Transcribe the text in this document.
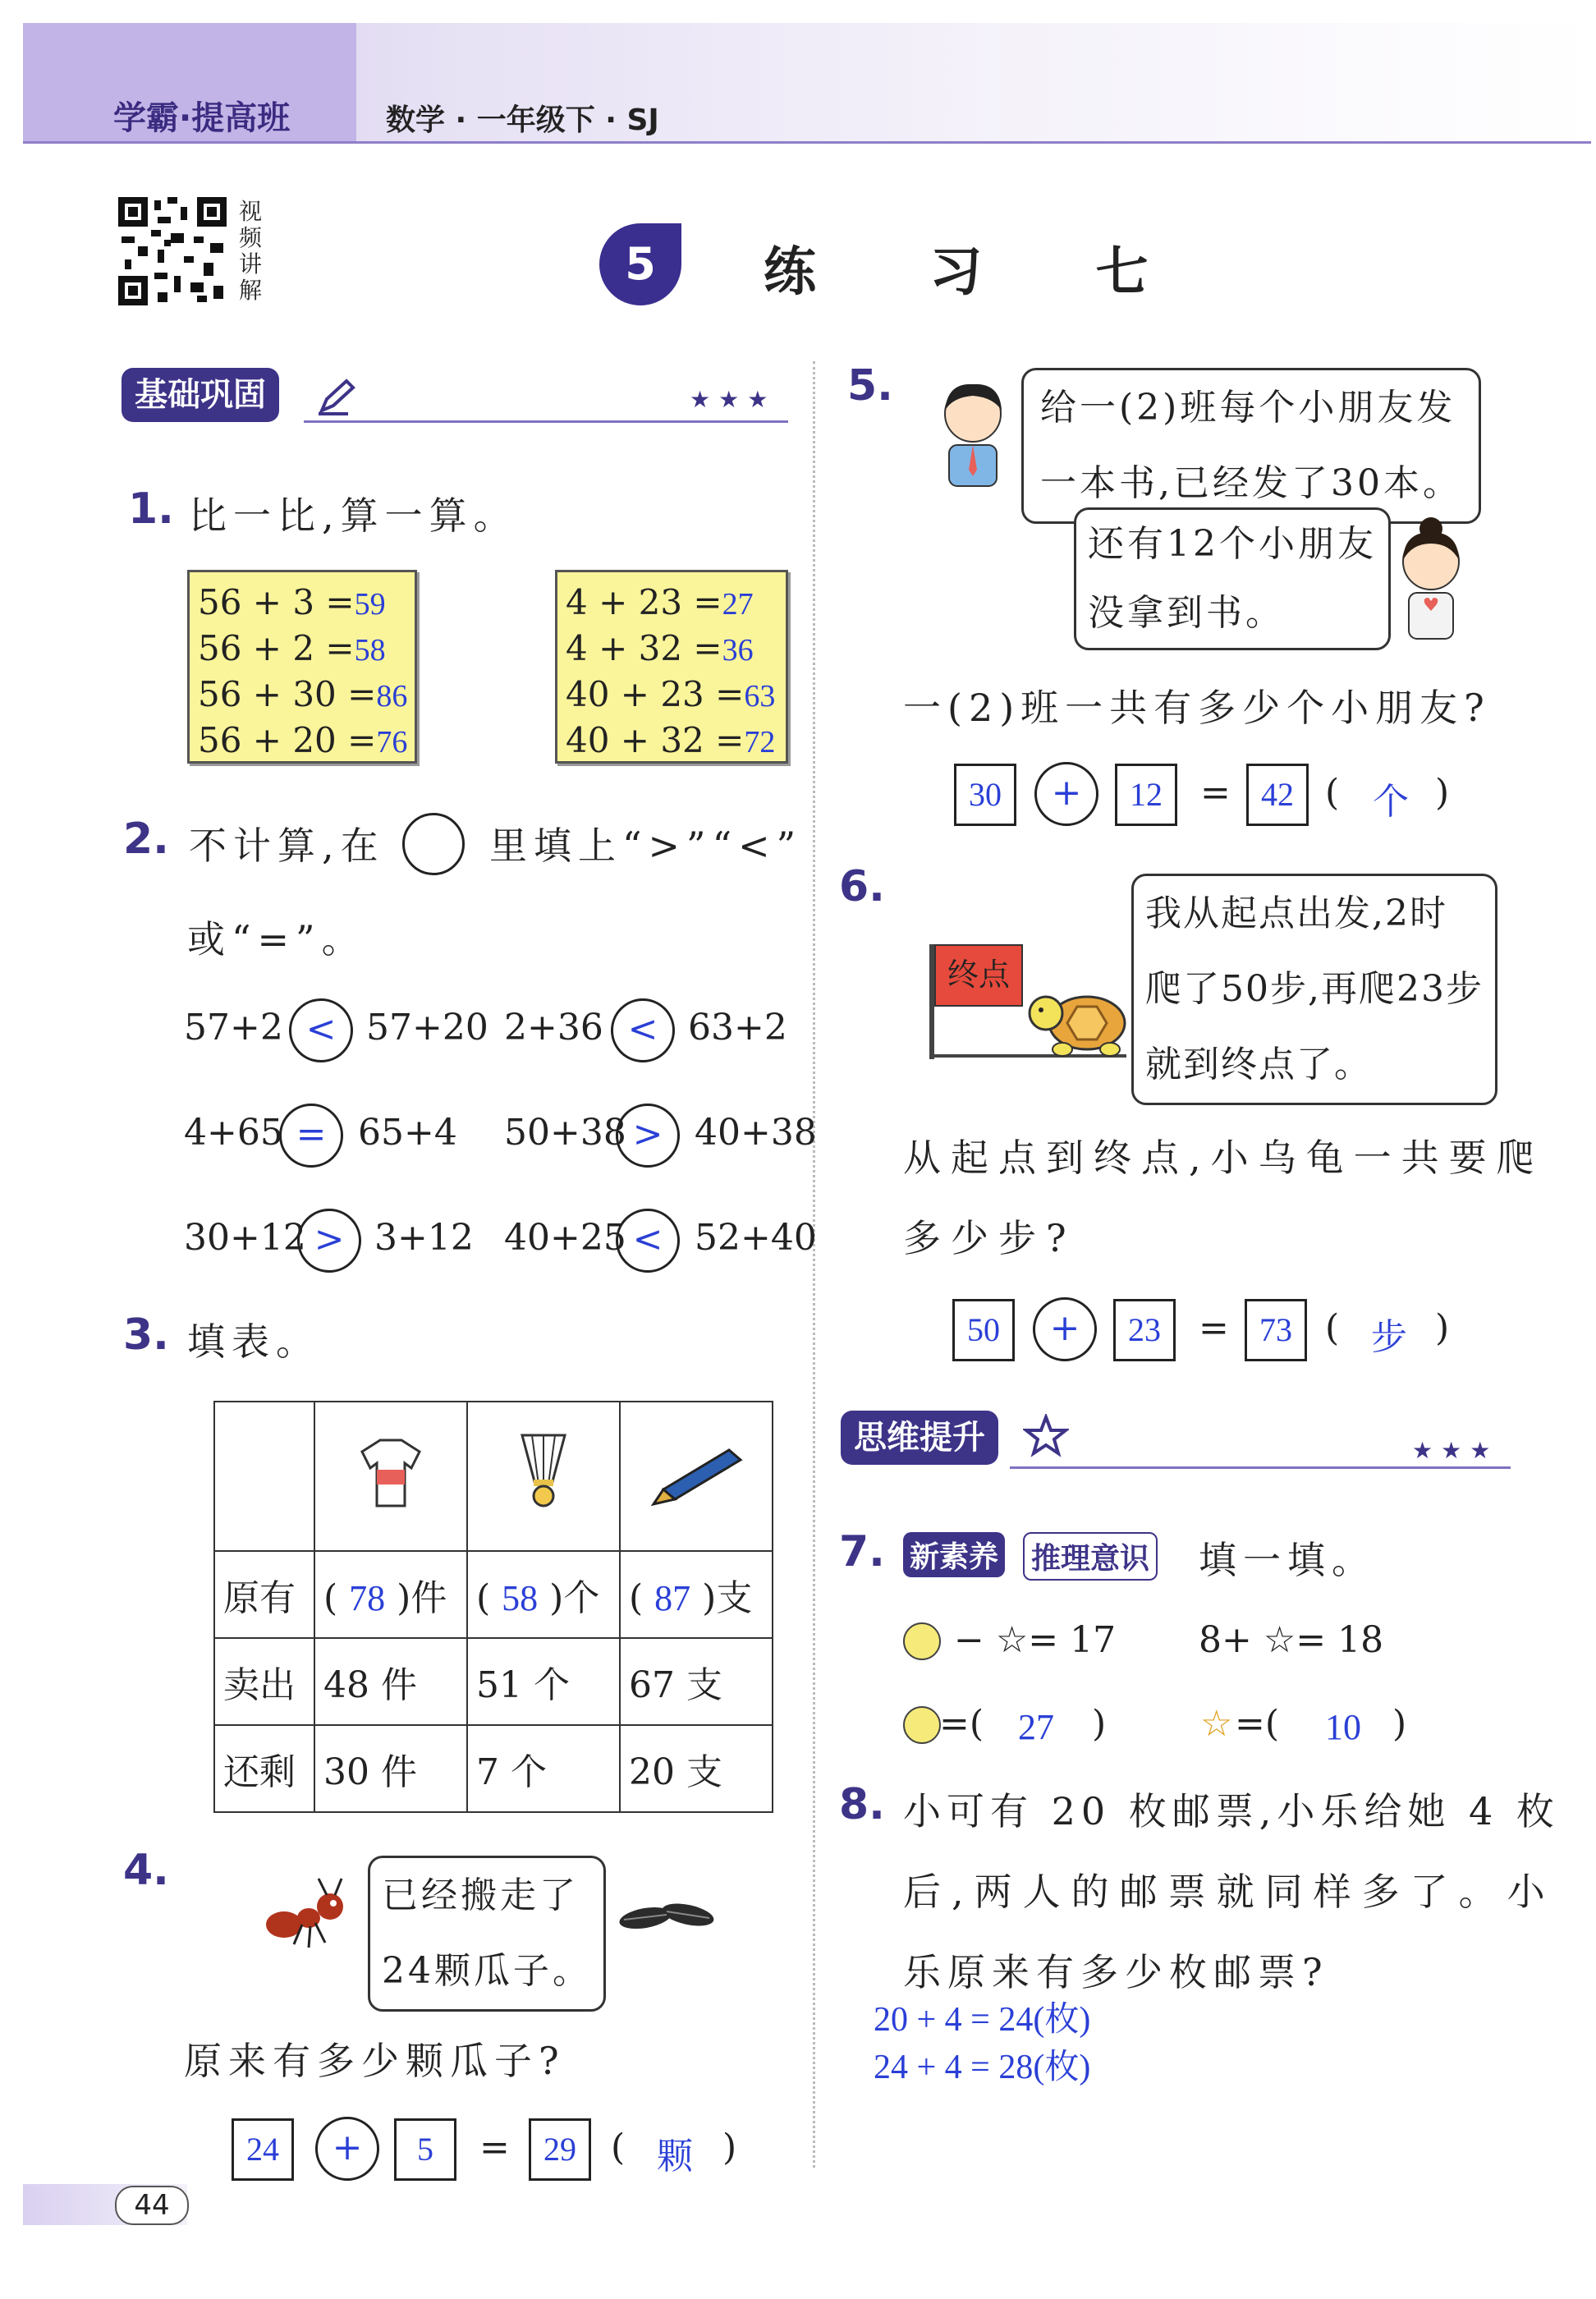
学霸·提高班	数学 · 一年级下 · SJ
视频讲解
5	练 习 七
基础巩固	★★★
1. 比一比,算一算。
56 + 3 =59
56 + 2 =58
56 + 30 =86
56 + 20 =76
4 + 23 =27
4 + 32 =36
40 + 23 =63
40 + 32 =72
2. 不计算,在	里填上“>”“<”
或“=”。
57+2 < 57+20 2+36 < 63+2
4+65 = 65+4 50+38 > 40+38
30+12 > 3+12 40+25 < 52+40
3. 填表。

原有	( 78 )件	( 58 )个	( 87 )支
卖出	48 件	51 个	67 支
还剩	30 件	7 个	20 支
4.
已经搬走了
24颗瓜子。
原来有多少颗瓜子?
24	+	5	=	29 ( 颗 )
5.	给一(2)班每个小朋友发
一本书,已经发了30本。
还有12个小朋友
没拿到书。
一(2)班一共有多少个小朋友?
30	+	12	= 42 ( 个 )
6.
终点
我从起点出发,2时
爬了50步,再爬23步
就到终点了。
从起点到终点,小乌龟一共要爬
多少步?
50	+	23	= 73 ( 步 )
思维提升	★★★
7. 新素养 推理意识 填一填。
− ☆= 17 8+ ☆= 18
=( 27 )	☆ =( 10 )
8. 小可有 20 枚邮票,小乐给她 4 枚
后,两人的邮票就同样多了。小
乐原来有多少枚邮票?
20 + 4 = 24(枚)
24 + 4 = 28(枚)
44
